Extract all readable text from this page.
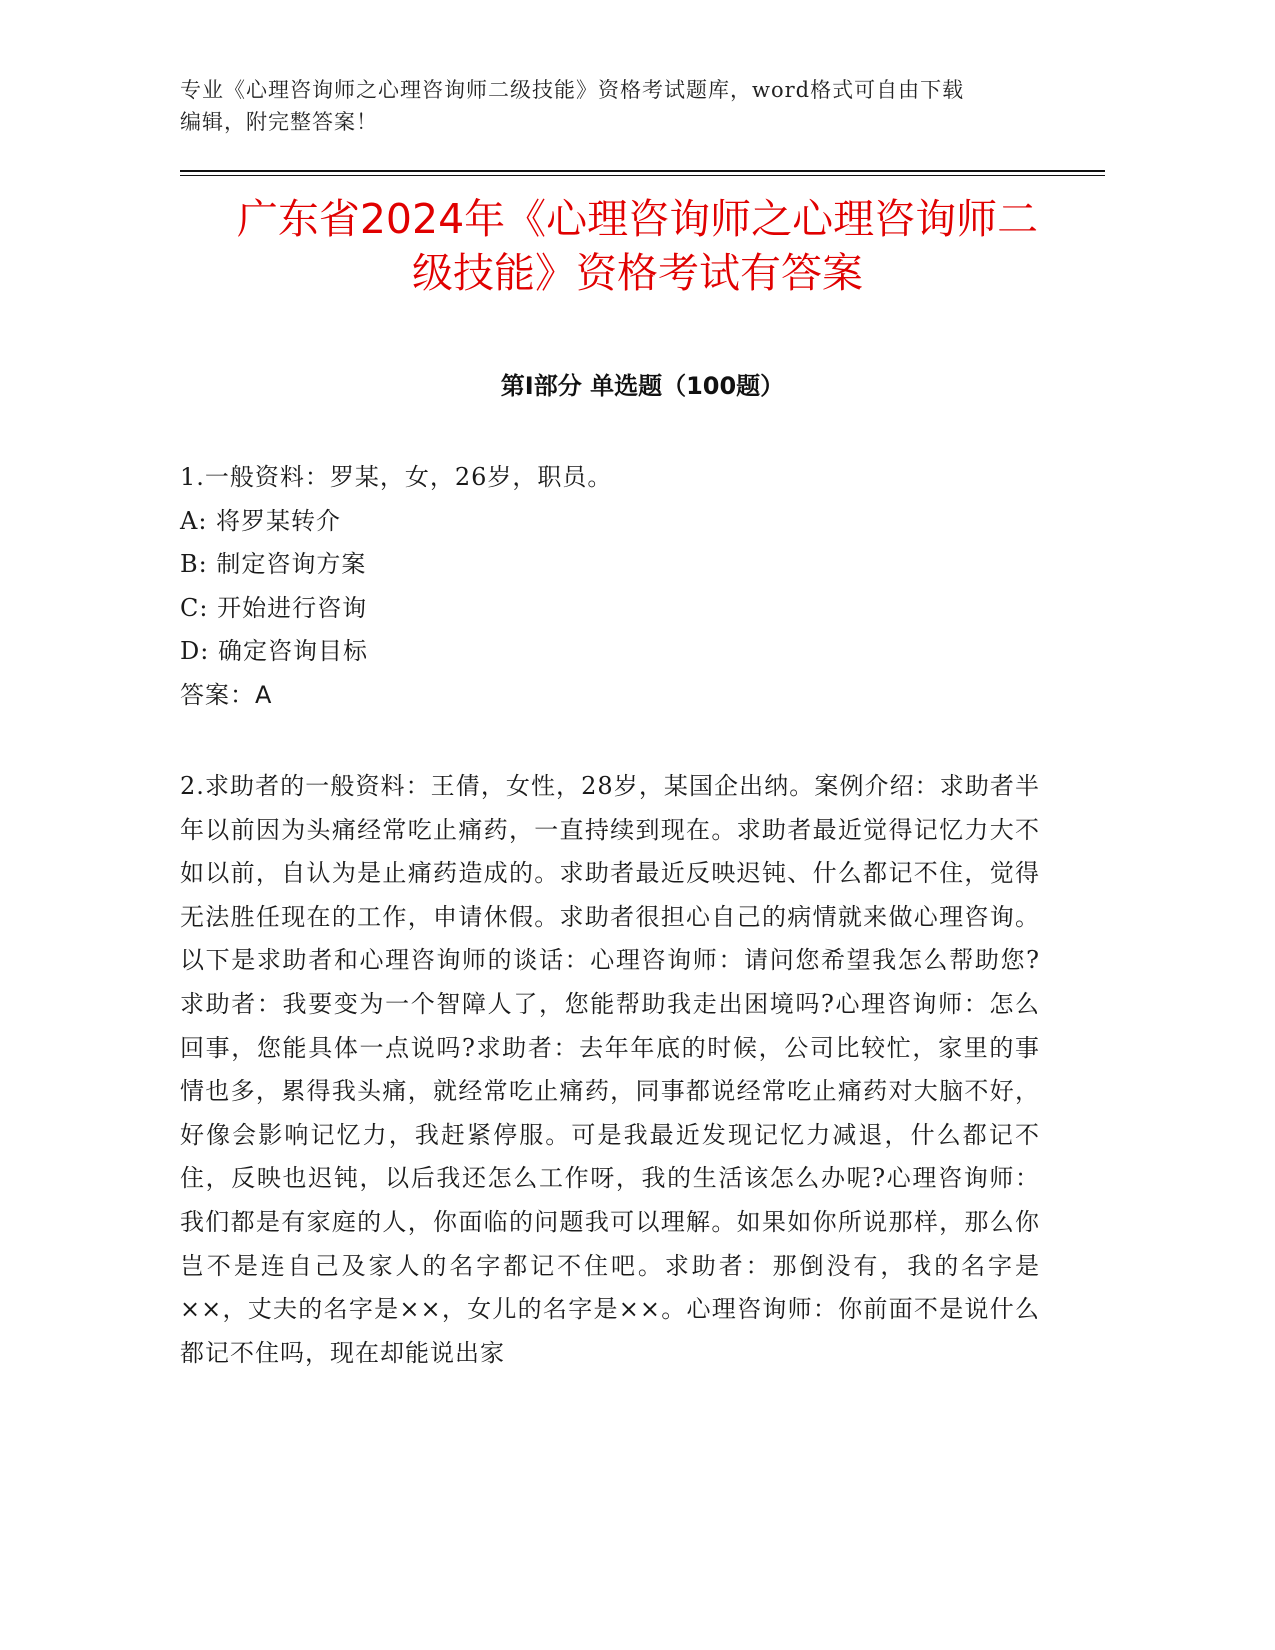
专业《心理咨询师之心理咨询师二级技能》资格考试题库，word格式可自由下载
编辑，附完整答案！
广东省2024年《心理咨询师之心理咨询师二
级技能》资格考试有答案
第Ⅰ部分 单选题（100题）
1.一般资料：罗某，女，26岁，职员。
A: 将罗某转介
B: 制定咨询方案
C: 开始进行咨询
D: 确定咨询目标
答案：A
2.求助者的一般资料：王倩，女性，28岁，某国企出纳。案例介绍：求助者半年以前因为头痛经常吃止痛药，一直持续到现在。求助者最近觉得记忆力大不如以前，自认为是止痛药造成的。求助者最近反映迟钝、什么都记不住，觉得无法胜任现在的工作，申请休假。求助者很担心自己的病情就来做心理咨询。以下是求助者和心理咨询师的谈话：心理咨询师：请问您希望我怎么帮助您?求助者：我要变为一个智障人了，您能帮助我走出困境吗?心理咨询师：怎么回事，您能具体一点说吗?求助者：去年年底的时候，公司比较忙，家里的事情也多，累得我头痛，就经常吃止痛药，同事都说经常吃止痛药对大脑不好，好像会影响记忆力，我赶紧停服。可是我最近发现记忆力减退，什么都记不住，反映也迟钝，以后我还怎么工作呀，我的生活该怎么办呢?心理咨询师：我们都是有家庭的人，你面临的问题我可以理解。如果如你所说那样，那么你岂不是连自己及家人的名字都记不住吧。求助者：那倒没有，我的名字是××，丈夫的名字是××，女儿的名字是××。心理咨询师：你前面不是说什么都记不住吗，现在却能说出家
